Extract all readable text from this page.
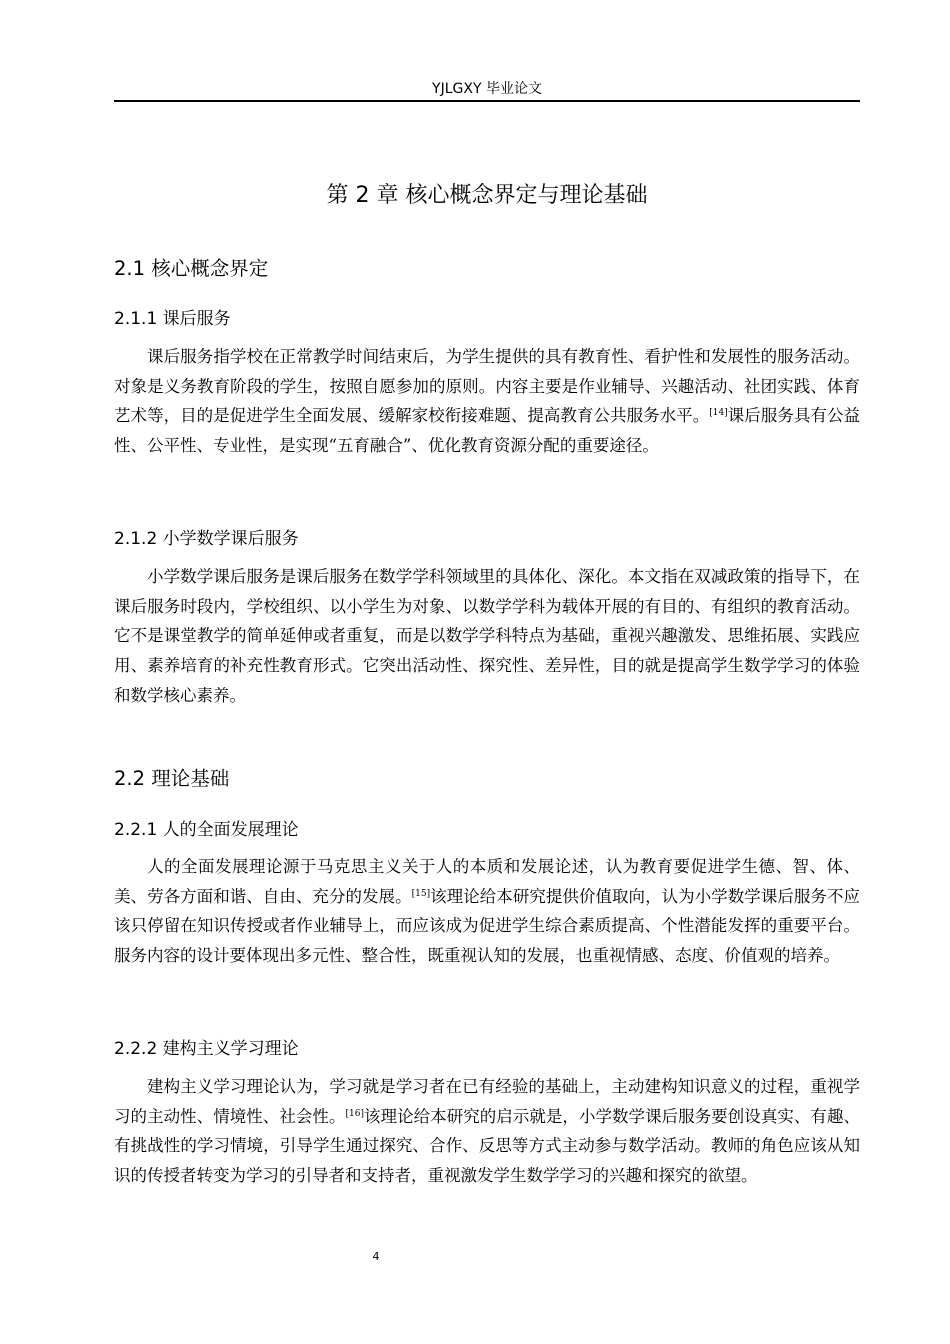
YJLGXY 毕业论文
第 2 章 核心概念界定与理论基础
2.1 核心概念界定
2.1.1 课后服务
课后服务指学校在正常教学时间结束后，为学生提供的具有教育性、看护性和发展性的服务活动。对象是义务教育阶段的学生，按照自愿参加的原则。内容主要是作业辅导、兴趣活动、社团实践、体育艺术等，目的是促进学生全面发展、缓解家校衔接难题、提高教育公共服务水平。[14]课后服务具有公益性、公平性、专业性，是实现“五育融合”、优化教育资源分配的重要途径。
2.1.2 小学数学课后服务
小学数学课后服务是课后服务在数学学科领域里的具体化、深化。本文指在双减政策的指导下，在课后服务时段内，学校组织、以小学生为对象、以数学学科为载体开展的有目的、有组织的教育活动。它不是课堂教学的简单延伸或者重复，而是以数学学科特点为基础，重视兴趣激发、思维拓展、实践应用、素养培育的补充性教育形式。它突出活动性、探究性、差异性，目的就是提高学生数学学习的体验和数学核心素养。
2.2 理论基础
2.2.1 人的全面发展理论
人的全面发展理论源于马克思主义关于人的本质和发展论述，认为教育要促进学生德、智、体、美、劳各方面和谐、自由、充分的发展。[15]该理论给本研究提供价值取向，认为小学数学课后服务不应该只停留在知识传授或者作业辅导上，而应该成为促进学生综合素质提高、个性潜能发挥的重要平台。服务内容的设计要体现出多元性、整合性，既重视认知的发展，也重视情感、态度、价值观的培养。
2.2.2 建构主义学习理论
建构主义学习理论认为，学习就是学习者在已有经验的基础上，主动建构知识意义的过程，重视学习的主动性、情境性、社会性。[16]该理论给本研究的启示就是，小学数学课后服务要创设真实、有趣、有挑战性的学习情境，引导学生通过探究、合作、反思等方式主动参与数学活动。教师的角色应该从知识的传授者转变为学习的引导者和支持者，重视激发学生数学学习的兴趣和探究的欲望。
4
